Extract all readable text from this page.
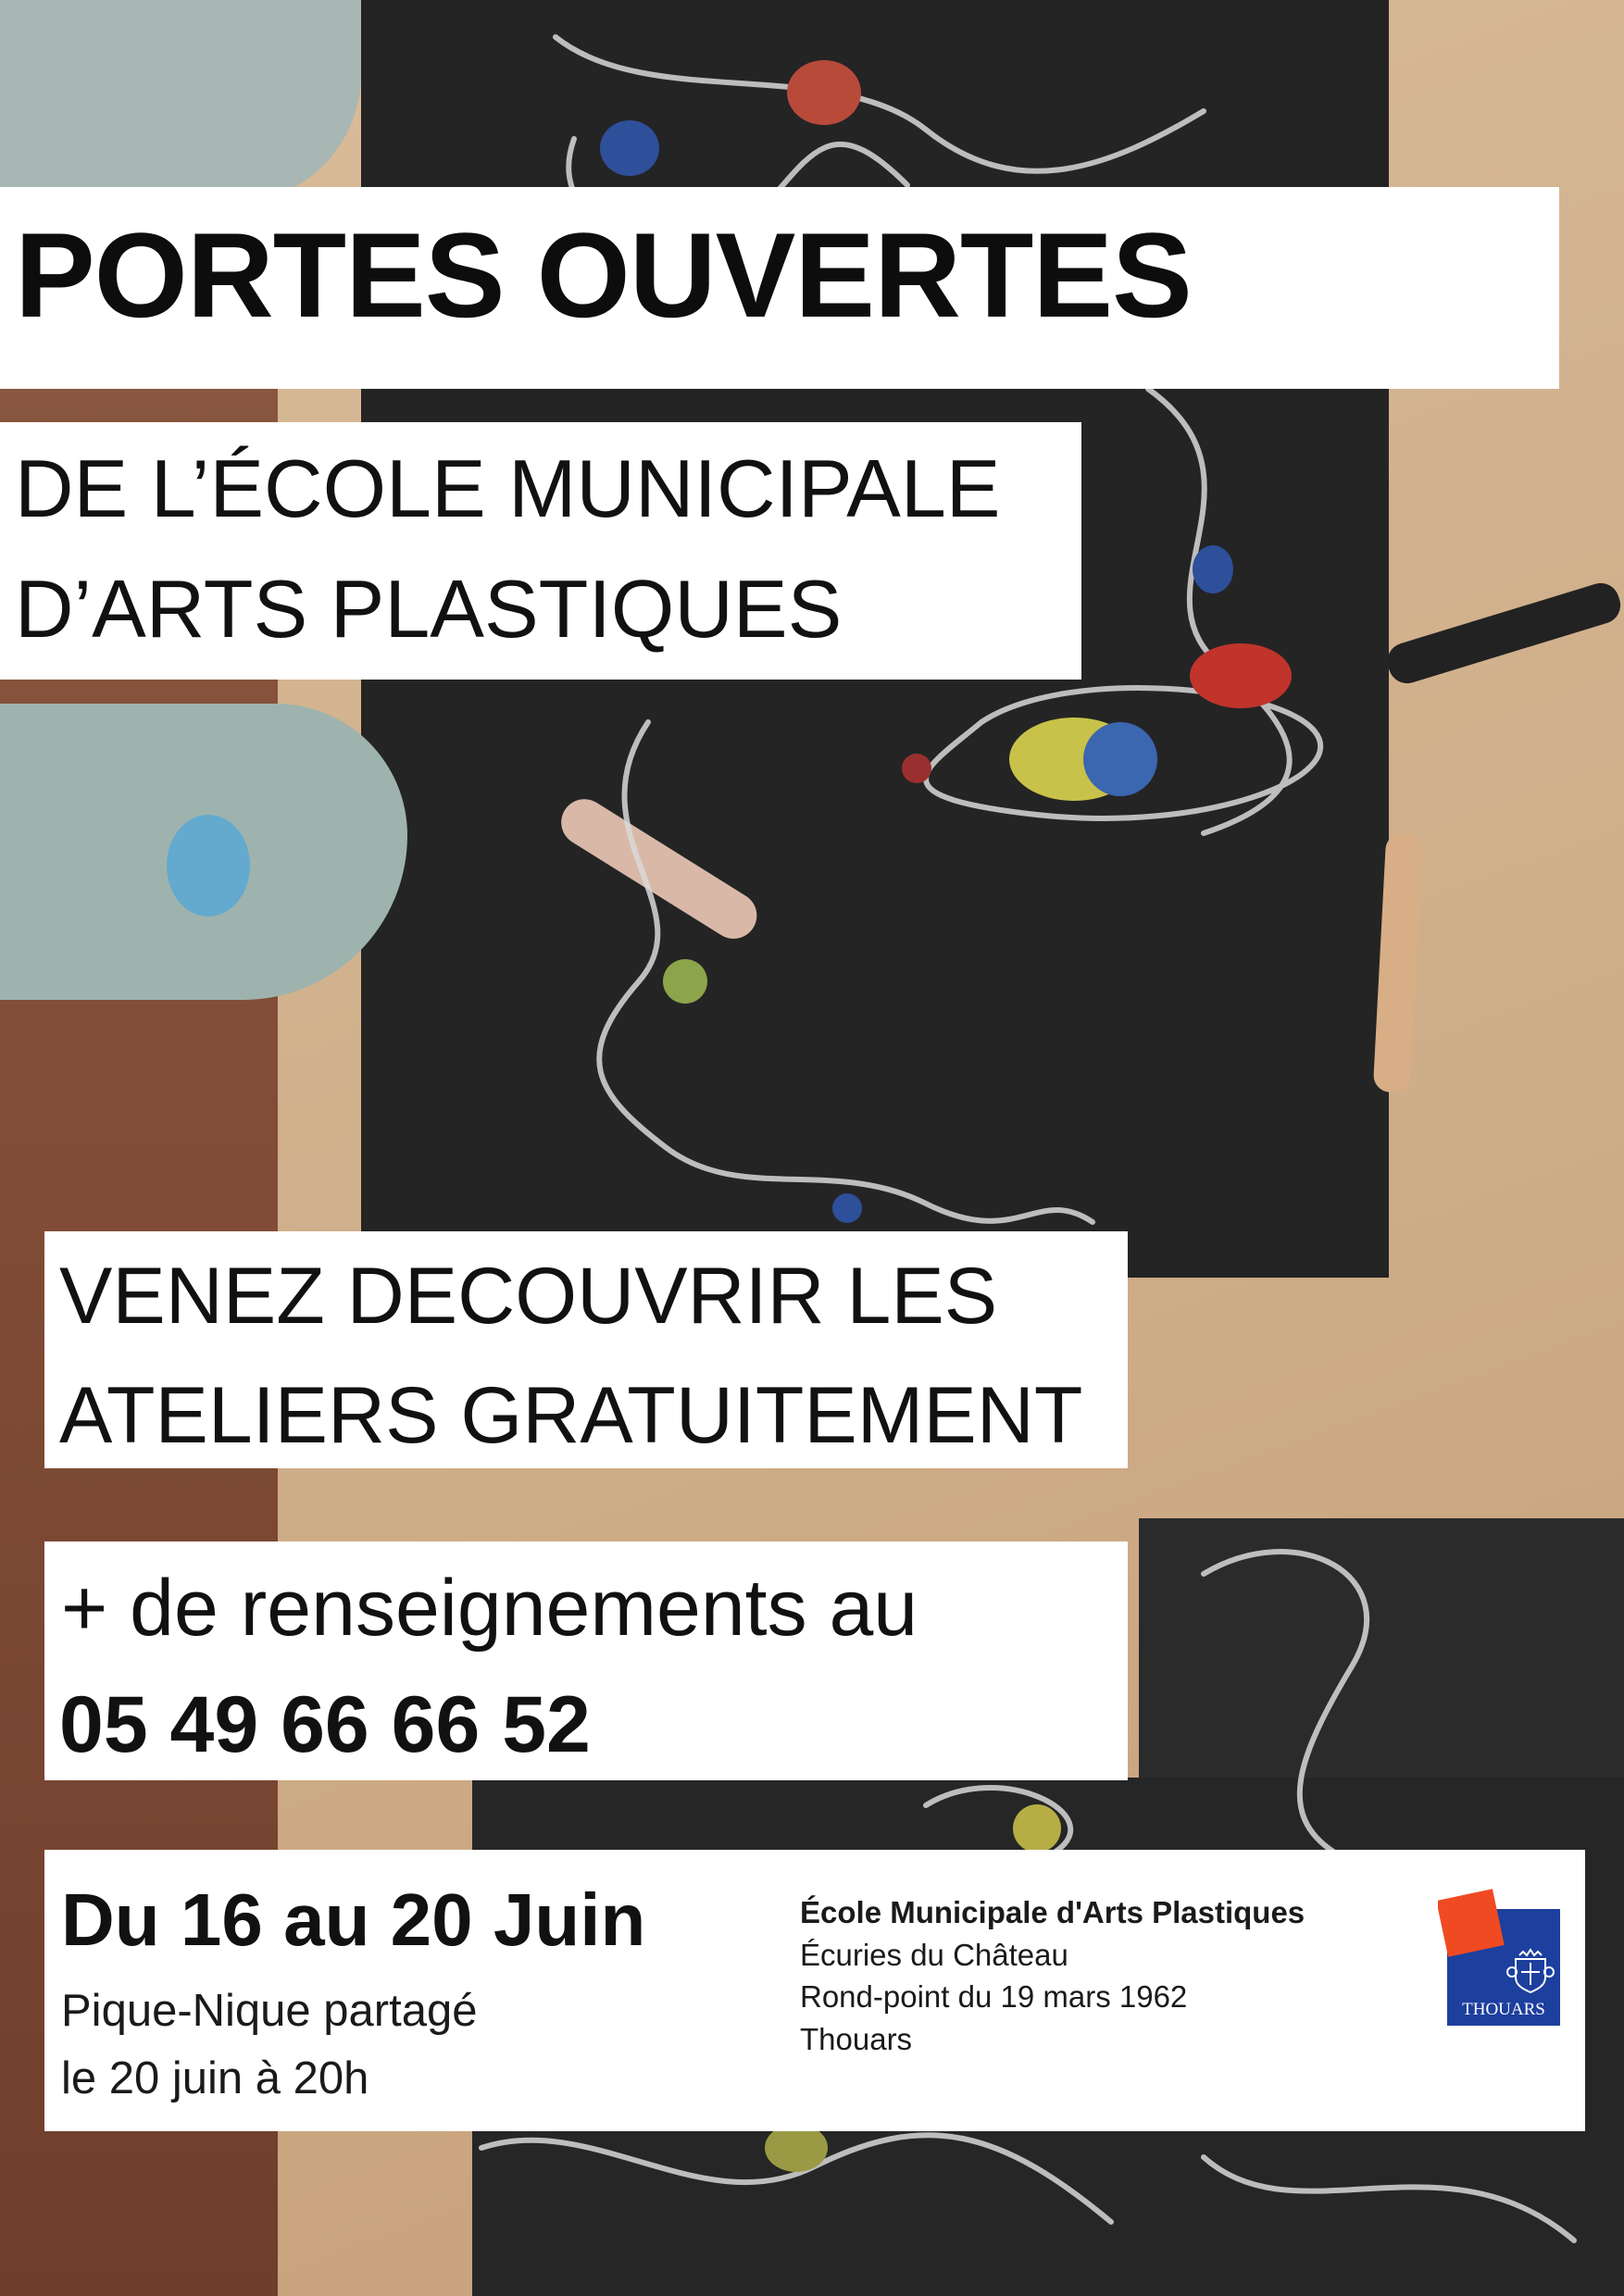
PORTES OUVERTES
DE L’ÉCOLE MUNICIPALE
D’ARTS PLASTIQUES
VENEZ DECOUVRIR LES
ATELIERS GRATUITEMENT
+ de renseignements au
05 49 66 66 52
Du 16 au 20 Juin
Pique-Nique partagé
le 20 juin à 20h
École Municipale d'Arts Plastiques
Écuries du Château
Rond-point du 19 mars 1962
Thouars
THOUARS
